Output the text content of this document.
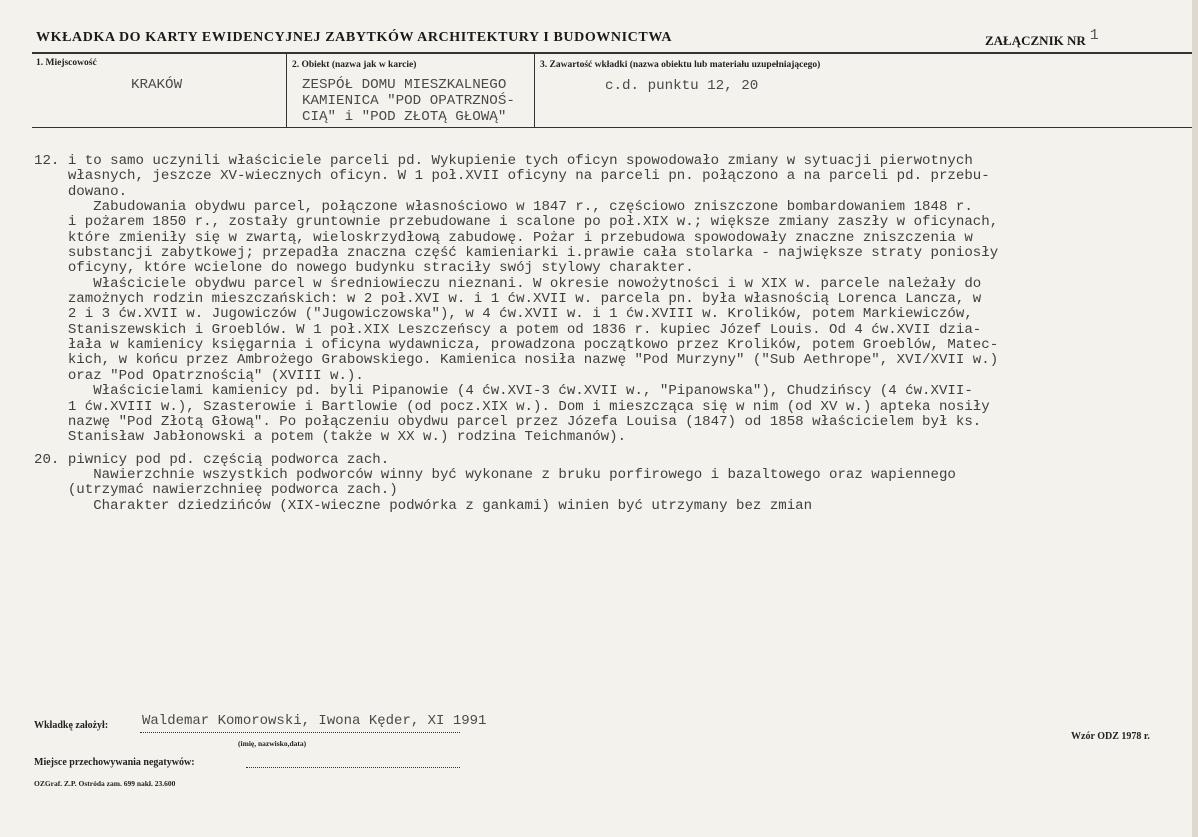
WKŁADKA DO KARTY EWIDENCYJNEJ ZABYTKÓW ARCHITEKTURY I BUDOWNICTWA	ZAŁĄCZNIK NR 1
1. Miejscowość
KRAKÓW
2. Obiekt (nazwa jak w karcie)
ZESPÓŁ DOMU MIESZKALNEGO
KAMIENICA "POD OPATRZNOŚ-
CIĄ" i "POD ZŁOTĄ GŁOWĄ"
3. Zawartość wkładki (nazwa obiektu lub materiału uzupełniającego)
c.d. punktu 12, 20
12. i to samo uczynili właściciele parceli pd. Wykupienie tych oficyn spowodowało zmiany w sytuacji pierwotnych
własnych, jeszcze XV-wiecznych oficyn. W 1 poł.XVII oficyny na parceli pn. połączono a na parceli pd. przebu-
dowano.
Zabudowania obydwu parcel, połączone własnościowo w 1847 r., częściowo zniszczone bombardowaniem 1848 r.
i pożarem 1850 r., zostały gruntownie przebudowane i scalone po poł.XIX w.; większe zmiany zaszły w oficynach,
które zmieniły się w zwartą, wieloskrzydłową zabudowę. Pożar i przebudowa spowodowały znaczne zniszczenia w
substancji zabytkowej; przepadła znaczna część kamieniarki i.prawie cała stolarka - największe straty poniosły
oficyny, które wcielone do nowego budynku straciły swój stylowy charakter.
Właściciele obydwu parcel w średniowieczu nieznani. W okresie nowożytności i w XIX w. parcele należały do
zamożnych rodzin mieszczańskich: w 2 poł.XVI w. i 1 ćw.XVII w. parcela pn. była własnością Lorenca Lancza, w
2 i 3 ćw.XVII w. Jugowiczów ("Jugowiczowska"), w 4 ćw.XVII w. i 1 ćw.XVIII w. Krolików, potem Markiewiczów,
Staniszewskich i Groeblów. W 1 poł.XIX Leszczeńscy a potem od 1836 r. kupiec Józef Louis. Od 4 ćw.XVII dzia-
łała w kamienicy księgarnia i oficyna wydawnicza, prowadzona początkowo przez Krolików, potem Groeblów, Matec-
kich, w końcu przez Ambrożego Grabowskiego. Kamienica nosiła nazwę "Pod Murzyny" ("Sub Aethrope", XVI/XVII w.)
oraz "Pod Opatrznością" (XVIII w.).
Właścicielami kamienicy pd. byli Pipanowie (4 ćw.XVI-3 ćw.XVII w., "Pipanowska"), Chudzińscy (4 ćw.XVII-
1 ćw.XVIII w.), Szasterowie i Bartlowie (od pocz.XIX w.). Dom i mieszcząca się w nim (od XV w.) apteka nosiły
nazwę "Pod Złotą Głową". Po połączeniu obydwu parcel przez Józefa Louisa (1847) od 1858 właścicielem był ks.
Stanisław Jabłonowski a potem (także w XX w.) rodzina Teichmanów).
20. piwnicy pod pd. częścią podworca zach.
Nawierzchnie wszystkich podworców winny być wykonane z bruku porfirowego i bazaltowego oraz wapiennego
(utrzymać nawierzchnieę podworca zach.)
Charakter dziedzińców (XIX-wieczne podwórka z gankami) winien być utrzymany bez zmian
Wkładkę założył: Waldemar Komorowski, Iwona Kęder, XI 1991
(imię, nazwisko,data)
Wzór ODZ 1978 r.
Miejsce przechowywania negatywów:
OZGraf. Z.P. Ostróda zam. 699 nakł. 23.600
